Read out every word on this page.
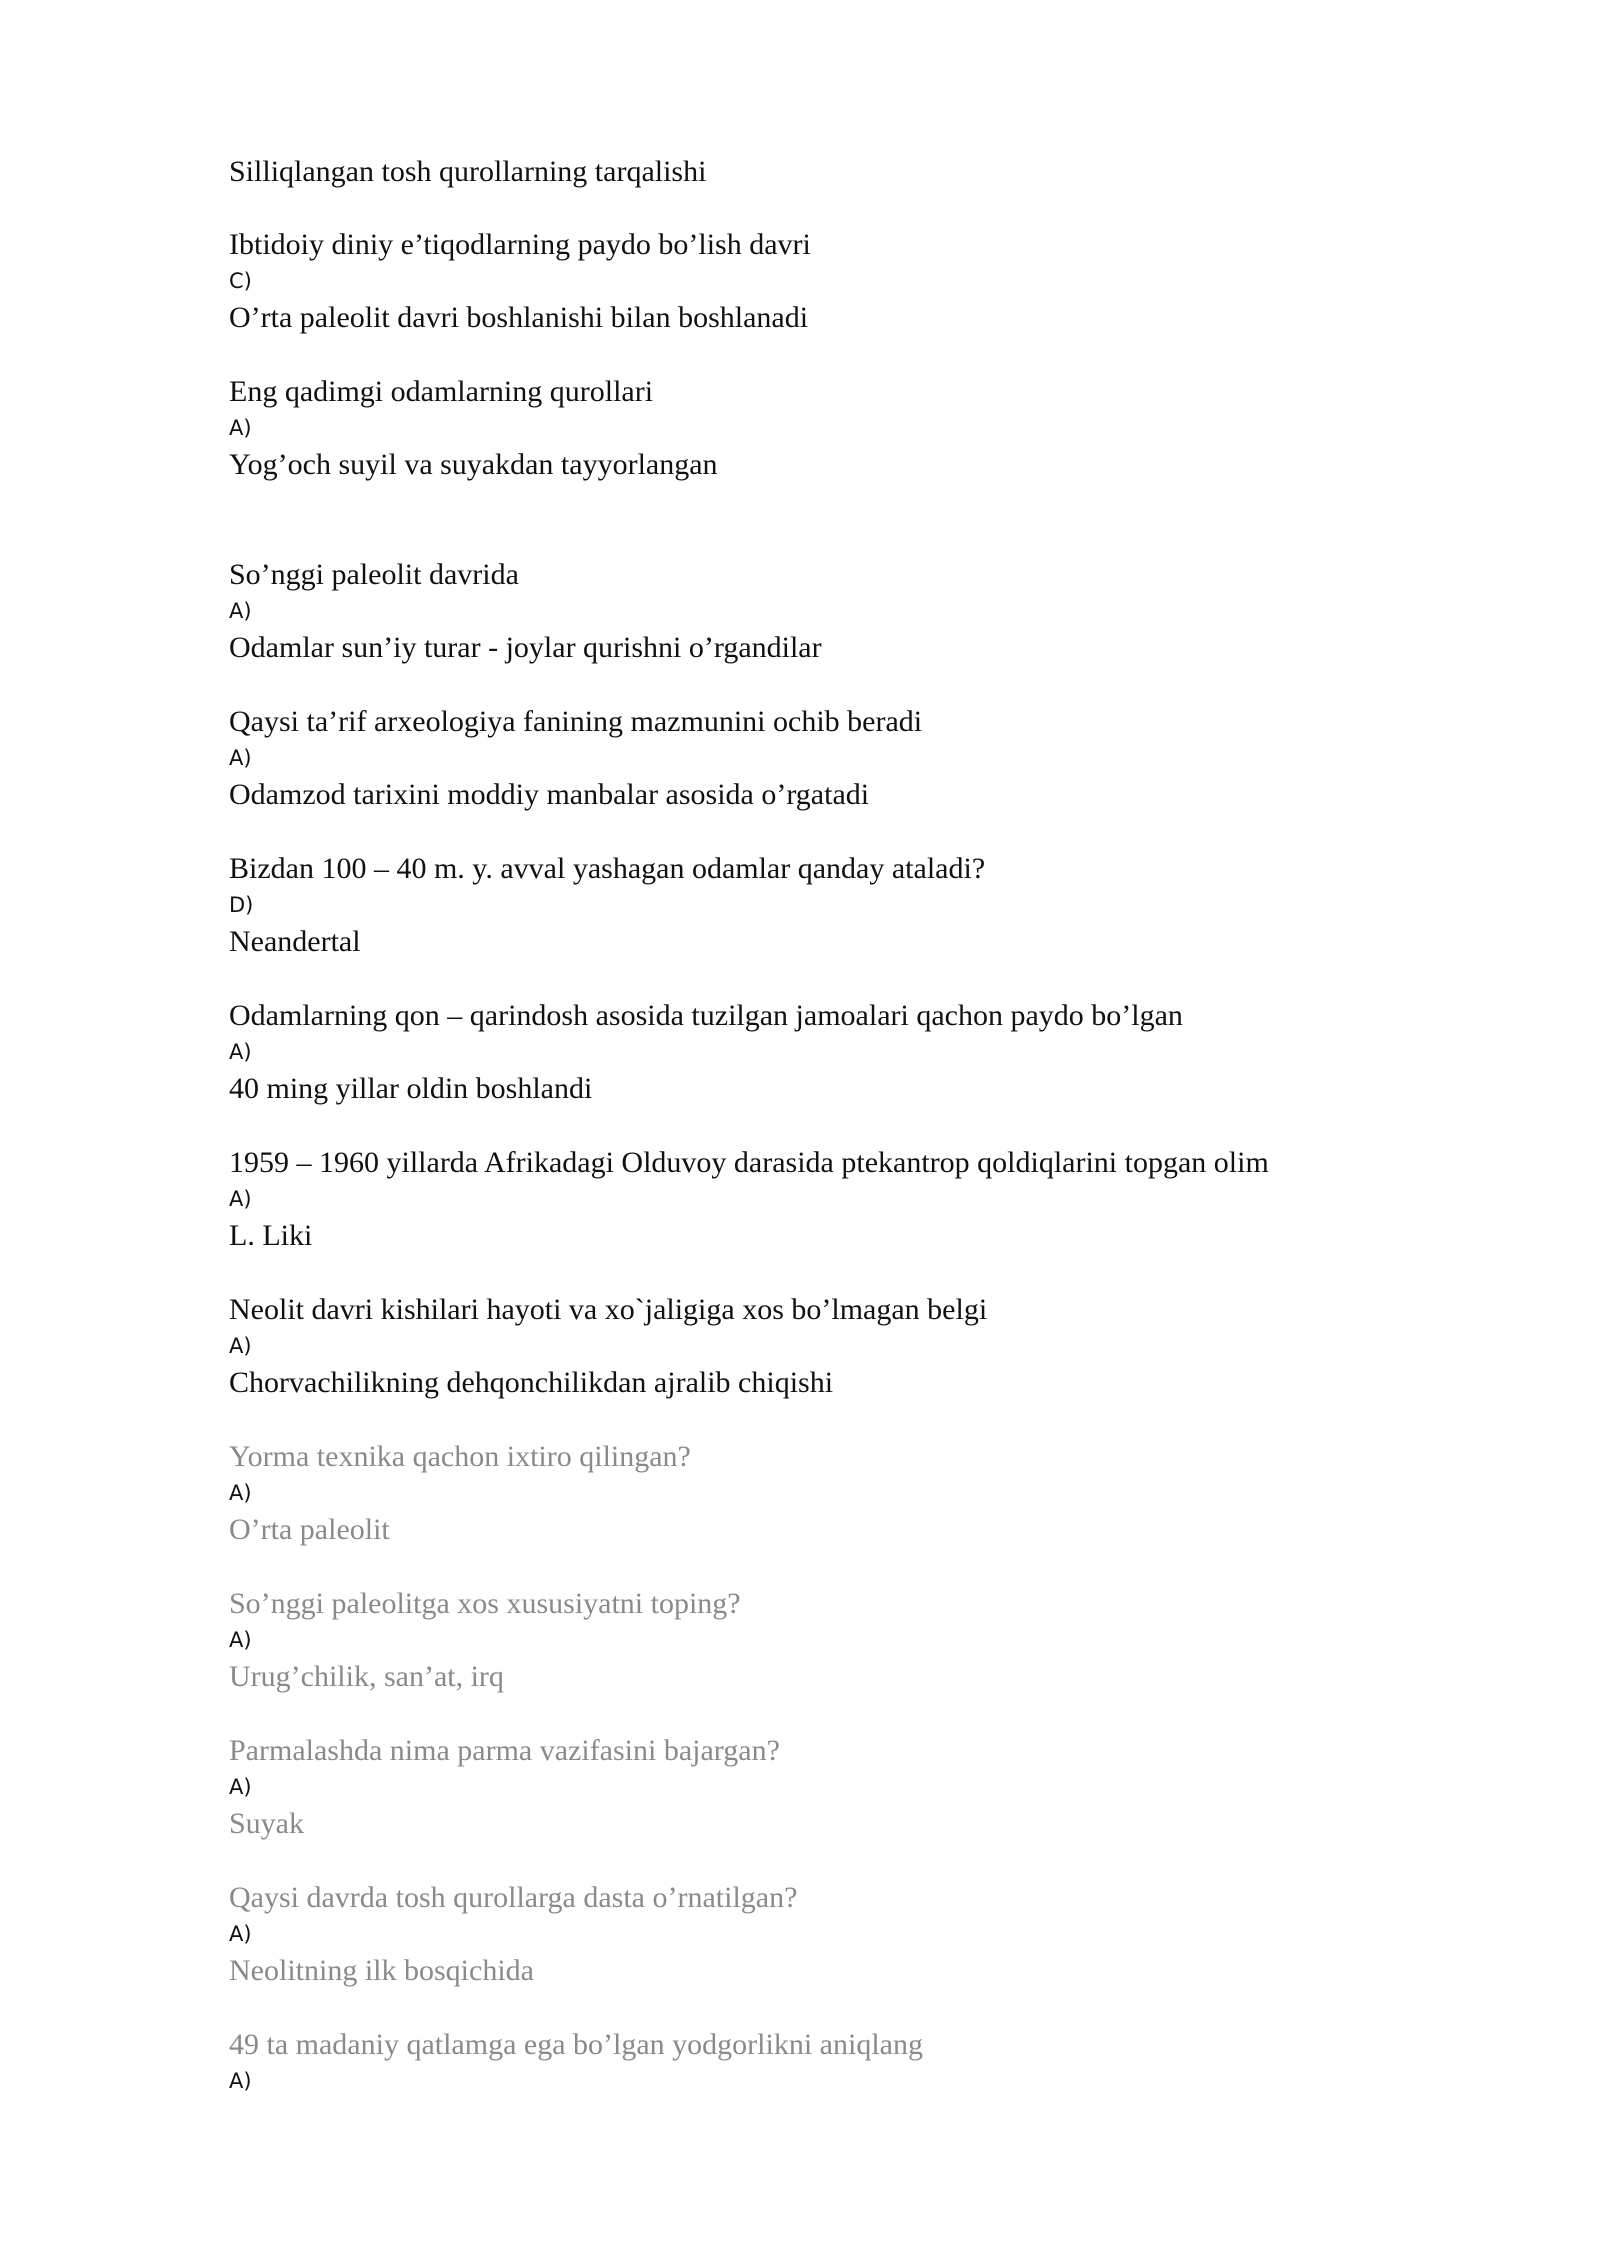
Silliqlangan tosh qurollarning tarqalishi
Ibtidoiy diniy e’tiqodlarning paydo bo’lish davri
C)
O’rta paleolit davri boshlanishi bilan boshlanadi
Eng qadimgi odamlarning qurollari
A)
Yog’och suyil va suyakdan tayyorlangan
So’nggi paleolit davrida
A)
Odamlar sun’iy turar - joylar qurishni o’rgandilar
Qaysi ta’rif arxeologiya fanining mazmunini ochib beradi
A)
Odamzod tarixini moddiy manbalar asosida o’rgatadi
Bizdan 100 – 40 m. y. avval yashagan odamlar qanday ataladi?
D)
Neandertal
Odamlarning qon – qarindosh asosida tuzilgan jamoalari qachon paydo bo’lgan
A)
40 ming yillar oldin boshlandi
1959 – 1960 yillarda Afrikadagi Olduvoy darasida ptekantrop qoldiqlarini topgan olim
A)
L. Liki
Neolit davri kishilari hayoti va xo`jaligiga xos bo’lmagan belgi
A)
Chorvachilikning dehqonchilikdan ajralib chiqishi
Yorma texnika qachon ixtiro qilingan?
A)
O’rta paleolit
So’nggi paleolitga xos xususiyatni toping?
A)
Urug’chilik, san’at, irq
Parmalashda nima parma vazifasini bajargan?
A)
Suyak
Qaysi davrda tosh qurollarga dasta o’rnatilgan?
A)
Neolitning ilk bosqichida
49 ta madaniy qatlamga ega bo’lgan yodgorlikni aniqlang
A)
